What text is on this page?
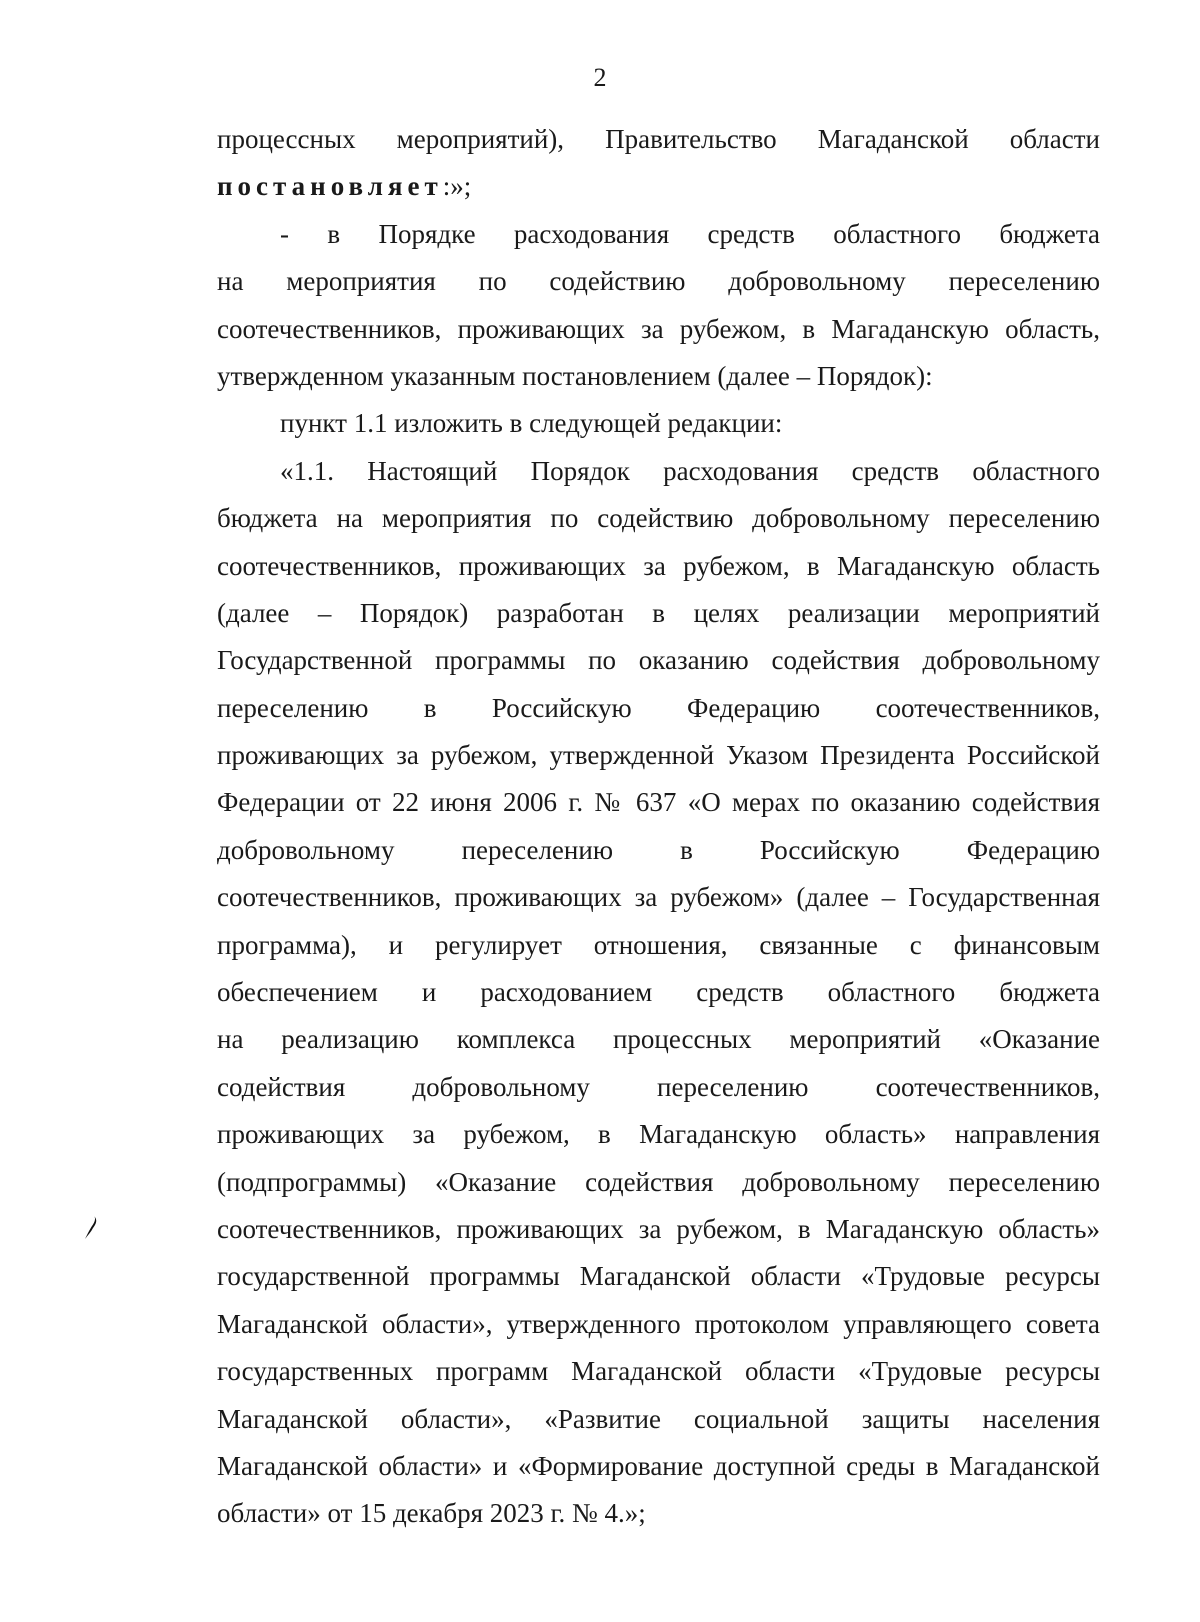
2
процессных мероприятий), Правительство Магаданской области
постановляет:»;
- в Порядке расходования средств областного бюджета
на мероприятия по содействию добровольному переселению
соотечественников, проживающих за рубежом, в Магаданскую область,
утвержденном указанным постановлением (далее – Порядок):
пункт 1.1 изложить в следующей редакции:
«1.1. Настоящий Порядок расходования средств областного
бюджета на мероприятия по содействию добровольному переселению
соотечественников, проживающих за рубежом, в Магаданскую область
(далее – Порядок) разработан в целях реализации мероприятий
Государственной программы по оказанию содействия добровольному
переселению в Российскую Федерацию соотечественников,
проживающих за рубежом, утвержденной Указом Президента Российской
Федерации от 22 июня 2006 г. № 637 «О мерах по оказанию содействия
добровольному переселению в Российскую Федерацию
соотечественников, проживающих за рубежом» (далее – Государственная
программа), и регулирует отношения, связанные с финансовым
обеспечением и расходованием средств областного бюджета
на реализацию комплекса процессных мероприятий «Оказание
содействия добровольному переселению соотечественников,
проживающих за рубежом, в Магаданскую область» направления
(подпрограммы) «Оказание содействия добровольному переселению
соотечественников, проживающих за рубежом, в Магаданскую область»
государственной программы Магаданской области «Трудовые ресурсы
Магаданской области», утвержденного протоколом управляющего совета
государственных программ Магаданской области «Трудовые ресурсы
Магаданской области», «Развитие социальной защиты населения
Магаданской области» и «Формирование доступной среды в Магаданской
области» от 15 декабря 2023 г. № 4.»;
